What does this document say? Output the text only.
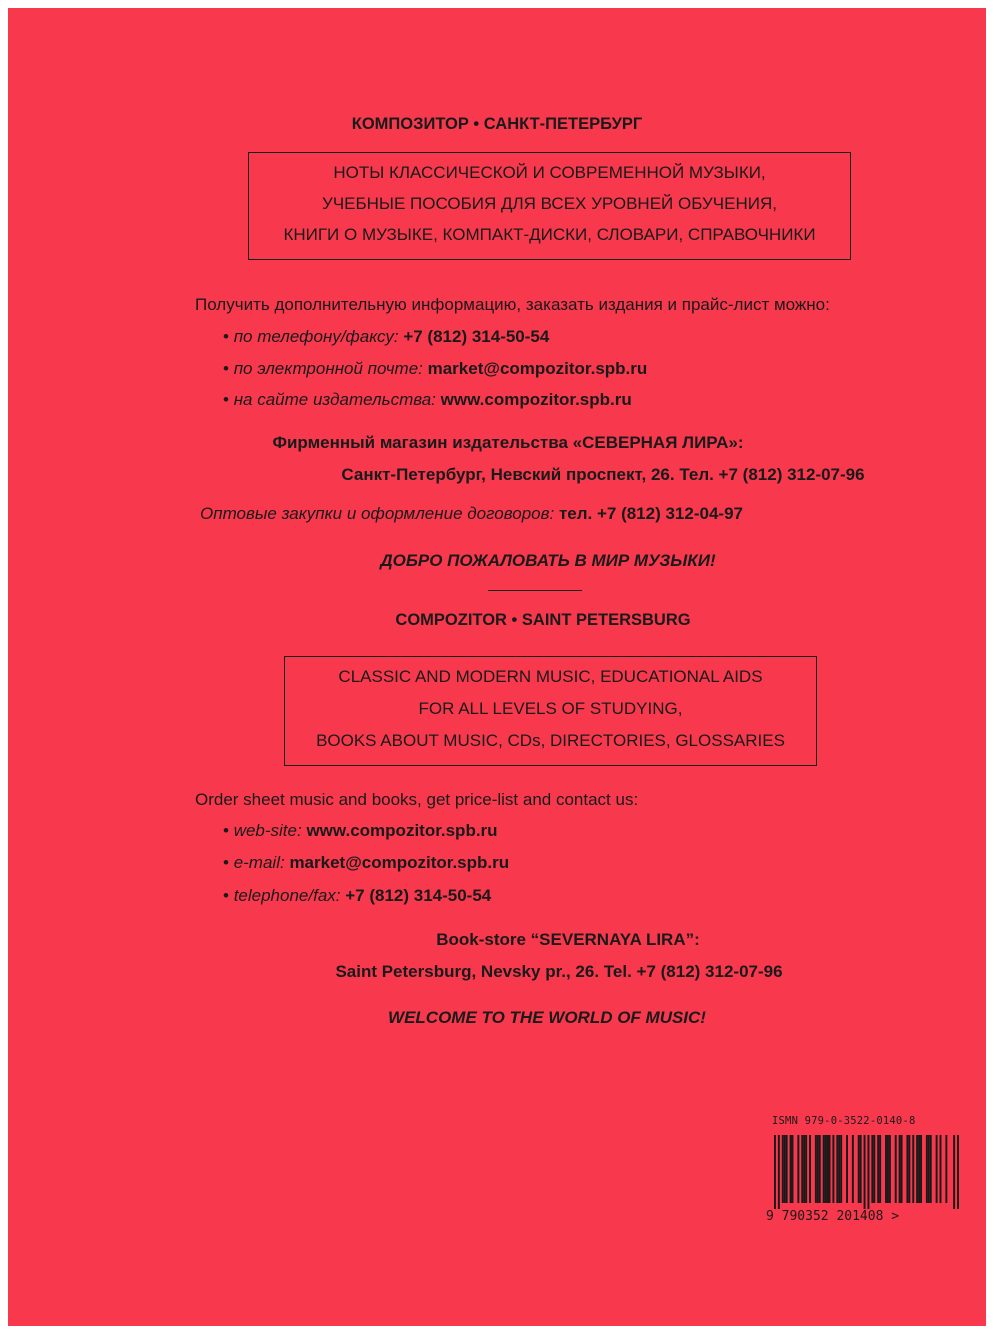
КОМПОЗИТОР • САНКТ-ПЕТЕРБУРГ
НОТЫ КЛАССИЧЕСКОЙ И СОВРЕМЕННОЙ МУЗЫКИ,
УЧЕБНЫЕ ПОСОБИЯ ДЛЯ ВСЕХ УРОВНЕЙ ОБУЧЕНИЯ,
КНИГИ О МУЗЫКЕ, КОМПАКТ-ДИСКИ, СЛОВАРИ, СПРАВОЧНИКИ
Получить дополнительную информацию, заказать издания и прайс-лист можно:
• по телефону/факсу: +7 (812) 314-50-54
• по электронной почте: market@compozitor.spb.ru
• на сайте издательства: www.compozitor.spb.ru
Фирменный магазин издательства «СЕВЕРНАЯ ЛИРА»:
Санкт-Петербург, Невский проспект, 26. Тел. +7 (812) 312-07-96
Оптовые закупки и оформление договоров: тел. +7 (812) 312-04-97
ДОБРО ПОЖАЛОВАТЬ В МИР МУЗЫКИ!
COMPOZITOR • SAINT PETERSBURG
CLASSIC AND MODERN MUSIC, EDUCATIONAL AIDS
FOR ALL LEVELS OF STUDYING,
BOOKS ABOUT MUSIC, CDs, DIRECTORIES, GLOSSARIES
Order sheet music and books, get price-list and contact us:
• web-site: www.compozitor.spb.ru
• e-mail: market@compozitor.spb.ru
• telephone/fax: +7 (812) 314-50-54
Book-store “SEVERNAYA LIRA”:
Saint Petersburg, Nevsky pr., 26. Tel. +7 (812) 312-07-96
WELCOME TO THE WORLD OF MUSIC!
ISMN 979-0-3522-0140-8
9 790352 201408 >
